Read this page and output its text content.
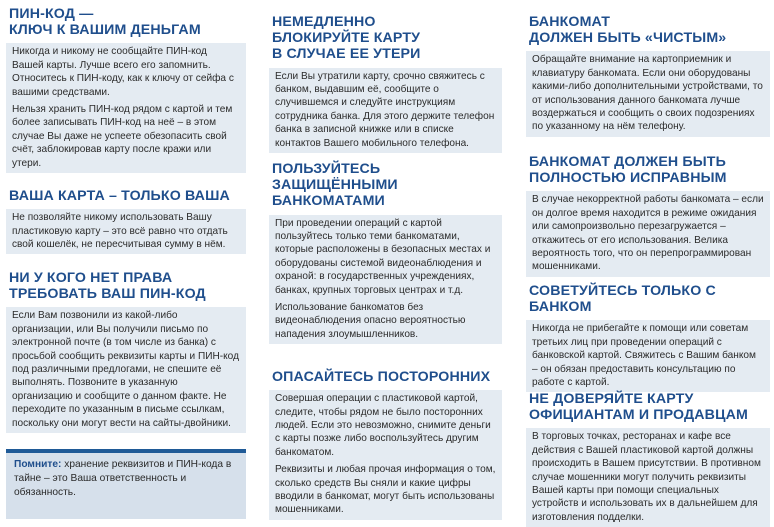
ПИН-КОД —
КЛЮЧ К ВАШИМ ДЕНЬГАМ

Никогда и никому не сообщайте ПИН-код Вашей карты. Лучше всего его запомнить. Относитесь к ПИН-коду, как к ключу от сейфа с вашими средствами.

Нельзя хранить ПИН-код рядом с картой и тем более записывать ПИН-код на неё – в этом случае Вы даже не успеете обезопасить свой счёт, заблокировав карту после кражи или утери.

ВАША КАРТА – ТОЛЬКО ВАША

Не позволяйте никому использовать Вашу пластиковую карту – это всё равно что отдать свой кошелёк, не пересчитывая сумму в нём.

НИ У КОГО НЕТ ПРАВА
ТРЕБОВАТЬ ВАШ ПИН-КОД

Если Вам позвонили из какой-либо организации, или Вы получили письмо по электронной почте (в том числе из банка) с просьбой сообщить реквизиты карты и ПИН-код под различными предлогами, не спешите её выполнять. Позвоните в указанную организацию и сообщите о данном факте. Не переходите по указанным в письме ссылкам, поскольку они могут вести на сайты-двойники.

Помните: хранение реквизитов и ПИН-кода в тайне – это Ваша ответственность и обязанность.
НЕМЕДЛЕННО
БЛОКИРУЙТЕ КАРТУ
В СЛУЧАЕ ЕЕ УТЕРИ

Если Вы утратили карту, срочно свяжитесь с банком, выдавшим её, сообщите о случившемся и следуйте инструкциям сотрудника банка. Для этого держите телефон банка в записной книжке или в списке контактов Вашего мобильного телефона.

ПОЛЬЗУЙТЕСЬ
ЗАЩИЩЁННЫМИ
БАНКОМАТАМИ

При проведении операций с картой пользуйтесь только теми банкоматами, которые расположены в безопасных местах и оборудованы системой видеонаблюдения и охраной: в государственных учреждениях, банках, крупных торговых центрах и т.д.

Использование банкоматов без видеонаблюдения опасно вероятностью нападения злоумышленников.

ОПАСАЙТЕСЬ ПОСТОРОННИХ

Совершая операции с пластиковой картой, следите, чтобы рядом не было посторонних людей. Если это невозможно, снимите деньги с карты позже либо воспользуйтесь другим банкоматом.

Реквизиты и любая прочая информация о том, сколько средств Вы сняли и какие цифры вводили в банкомат, могут быть использованы мошенниками.

БАНКОМАТ
ДОЛЖЕН БЫТЬ «ЧИСТЫМ»

Обращайте внимание на картоприемник и клавиатуру банкомата. Если они оборудованы какими-либо дополнительными устройствами, то от использования данного банкомата лучше воздержаться и сообщить о своих подозрениях по указанному на нём телефону.

БАНКОМАТ ДОЛЖЕН БЫТЬ
ПОЛНОСТЬЮ ИСПРАВНЫМ

В случае некорректной работы банкомата – если он долгое время находится в режиме ожидания или самопроизвольно перезагружается – откажитесь от его использования. Велика вероятность того, что он перепрограммирован мошенниками.

СОВЕТУЙТЕСЬ ТОЛЬКО С БАНКОМ

Никогда не прибегайте к помощи или советам третьих лиц при проведении операций с банковской картой. Свяжитесь с Вашим банком – он обязан предоставить консультацию по работе с картой.

НЕ ДОВЕРЯЙТЕ КАРТУ
ОФИЦИАНТАМ И ПРОДАВЦАМ

В торговых точках, ресторанах и кафе все действия с Вашей пластиковой картой должны происходить в Вашем присутствии. В противном случае мошенники могут получить реквизиты Вашей карты при помощи специальных устройств и использовать их в дальнейшем для изготовления подделки.
